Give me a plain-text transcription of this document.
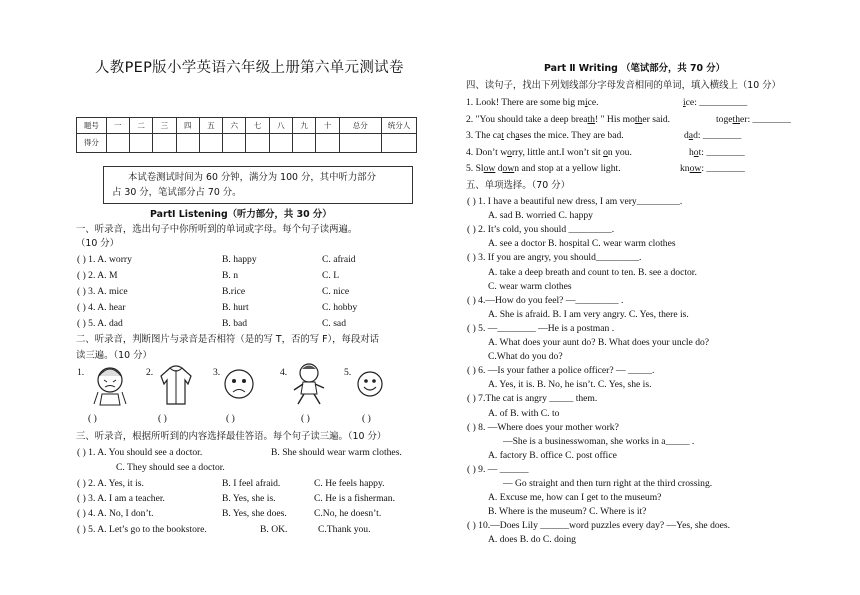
人教PEP版小学英语六年级上册第六单元测试卷
题号	一	二	三	四	五	六	七	八	九	十	总分	统分人
得分												
本试卷测试时间为 60 分钟，满分为 100 分，其中听力部分
占 30 分，笔试部分占 70 分。
PartⅠ Listening（听力部分，共 30 分）
一、听录音，选出句子中你所听到的单词或字母。每个句子读两遍。
（10 分）
( ) 1. A. worry	B. happy	C. afraid
( ) 2. A. M	B. n	C. L
( ) 3. A. mice	B.rice	C. nice
( ) 4. A. hear	B. hurt	C. hobby
( ) 5. A. dad	B. bad	C. sad
二、听录音，判断图片与录音是否相符（是的写 T，否的写 F），每段对话
读三遍。（10 分）
1.	2.	3.	4.	5.
( )	( )	( )	( )	( )
三、听录音，根据所听到的内容选择最佳答语。每个句子读三遍。（10 分）
( ) 1. A. You should see a doctor.	B. She should wear warm clothes.
C. They should see a doctor.
( ) 2. A. Yes, it is.	B. I feel afraid.	C. He feels happy.
( ) 3. A. I am a teacher.	B. Yes, she is.	C. He is a fisherman.
( ) 4. A. No, I don’t.	B. Yes, she does.	C.No, he doesn’t.
( ) 5. A. Let’s go to the bookstore.	B. OK.	C.Thank you.
Part Ⅱ Writing （笔试部分，共 70 分）
四、读句子，找出下列划线部分字母发音相同的单词，填入横线上（10 分）
1. Look! There are some big mice.	ice: __________
2. "You should take a deep breath! " His mother said.	together: ________
3. The cat chases the mice. They are bad.	dad: ________
4. Don’t worry, little ant.I won’t sit on you.	hot: ________
5. Slow down and stop at a yellow light.	know: ________
五、单项选择。（70 分）
( ) 1. I have a beautiful new dress, I am very_________.
A. sad B. worried C. happy
( ) 2. It’s cold, you should _________.
A. see a doctor B. hospital C. wear warm clothes
( ) 3. If you are angry, you should_________.
A. take a deep breath and count to ten. B. see a doctor.
C. wear warm clothes
( ) 4.—How do you feel? —_________ .
A. She is afraid. B. I am very angry. C. Yes, there is.
( ) 5. —________ —He is a postman .
A. What does your aunt do? B. What does your uncle do?
C.What do you do?
( ) 6. —Is your father a police officer? — _____.
A. Yes, it is. B. No, he isn’t. C. Yes, she is.
( ) 7.The cat is angry _____ them.
A. of B. with C. to
( ) 8. —Where does your mother work?
—She is a businesswoman, she works in a_____ .
A. factory B. office C. post office
( ) 9. — ______
— Go straight and then turn right at the third crossing.
A. Excuse me, how can I get to the museum?
B. Where is the museum? C. Where is it?
( ) 10.—Does Lily ______word puzzles every day? —Yes, she does.
A. does B. do C. doing
